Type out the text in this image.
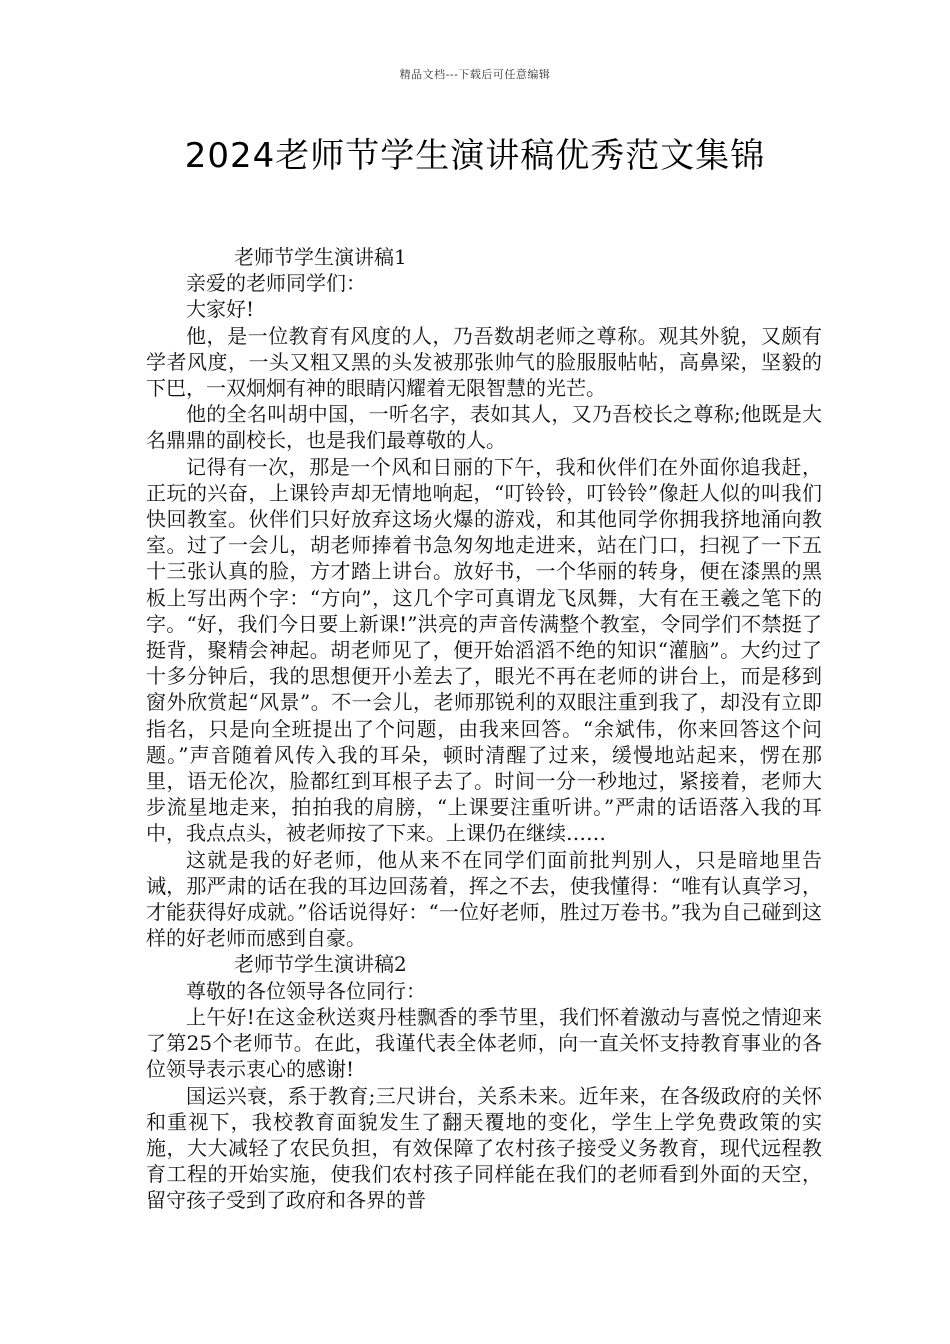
精品文档---下载后可任意编辑
2024老师节学生演讲稿优秀范文集锦

老师节学生演讲稿1

亲爱的老师同学们：

大家好!

他，是一位教育有风度的人，乃吾数胡老师之尊称。观其外貌，又颇有学者风度，一头又粗又黑的头发被那张帅气的脸服服帖帖，高鼻梁，坚毅的下巴，一双炯炯有神的眼睛闪耀着无限智慧的光芒。

他的全名叫胡中国，一听名字，表如其人，又乃吾校长之尊称;他既是大名鼎鼎的副校长，也是我们最尊敬的人。

记得有一次，那是一个风和日丽的下午，我和伙伴们在外面你追我赶，正玩的兴奋，上课铃声却无情地响起，“叮铃铃，叮铃铃”像赶人似的叫我们快回教室。伙伴们只好放弃这场火爆的游戏，和其他同学你拥我挤地涌向教室。过了一会儿，胡老师捧着书急匆匆地走进来，站在门口，扫视了一下五十三张认真的脸，方才踏上讲台。放好书，一个华丽的转身，便在漆黑的黑板上写出两个字：“方向”，这几个字可真谓龙飞凤舞，大有在王羲之笔下的字。“好，我们今日要上新课!”洪亮的声音传满整个教室，令同学们不禁挺了挺背，聚精会神起。胡老师见了，便开始滔滔不绝的知识“灌脑”。大约过了十多分钟后，我的思想便开小差去了，眼光不再在老师的讲台上，而是移到窗外欣赏起“风景”。不一会儿，老师那锐利的双眼注重到我了，却没有立即指名，只是向全班提出了个问题，由我来回答。“余斌伟，你来回答这个问题。”声音随着风传入我的耳朵，顿时清醒了过来，缓慢地站起来，愣在那里，语无伦次，脸都红到耳根子去了。时间一分一秒地过，紧接着，老师大步流星地走来，拍拍我的肩膀，“上课要注重听讲。”严肃的话语落入我的耳中，我点点头，被老师按了下来。上课仍在继续……

这就是我的好老师，他从来不在同学们面前批判别人，只是暗地里告诫，那严肃的话在我的耳边回荡着，挥之不去，使我懂得：“唯有认真学习，才能获得好成就。”俗话说得好：“一位好老师，胜过万卷书。”我为自己碰到这样的好老师而感到自豪。

老师节学生演讲稿2

尊敬的各位领导各位同行：

上午好!在这金秋送爽丹桂飘香的季节里，我们怀着激动与喜悦之情迎来了第25个老师节。在此，我谨代表全体老师，向一直关怀支持教育事业的各位领导表示衷心的感谢!

国运兴衰，系于教育;三尺讲台，关系未来。近年来，在各级政府的关怀和重视下，我校教育面貌发生了翻天覆地的变化，学生上学免费政策的实施，大大减轻了农民负担，有效保障了农村孩子接受义务教育，现代远程教育工程的开始实施，使我们农村孩子同样能在我们的老师看到外面的天空，留守孩子受到了政府和各界的普
